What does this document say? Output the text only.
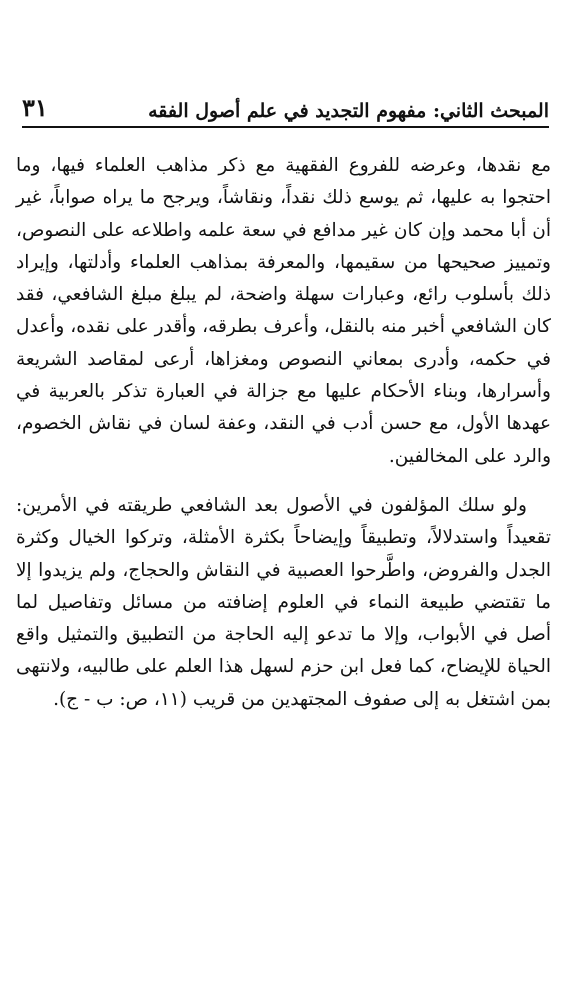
المبحث الثاني: مفهوم التجديد في علم أصول الفقه
٣١

مع نقدها، وعرضه للفروع الفقهية مع ذكر مذاهب العلماء فيها، وما احتجوا به عليها، ثم يوسع ذلك نقداً، ونقاشاً، ويرجح ما يراه صواباً، غير أن أبا محمد وإن كان غير مدافع في سعة علمه واطلاعه على النصوص، وتمييز صحيحها من سقيمها، والمعرفة بمذاهب العلماء وأدلتها، وإيراد ذلك بأسلوب رائع، وعبارات سهلة واضحة، لم يبلغ مبلغ الشافعي، فقد كان الشافعي أخبر منه بالنقل، وأعرف بطرقه، وأقدر على نقده، وأعدل في حكمه، وأدرى بمعاني النصوص ومغزاها، أرعى لمقاصد الشريعة وأسرارها، وبناء الأحكام عليها مع جزالة في العبارة تذكر بالعربية في عهدها الأول، مع حسن أدب في النقد، وعفة لسان في نقاش الخصوم، والرد على المخالفين.

ولو سلك المؤلفون في الأصول بعد الشافعي طريقته في الأمرين: تقعيداً واستدلالاً، وتطبيقاً وإيضاحاً بكثرة الأمثلة، وتركوا الخيال وكثرة الجدل والفروض، واطَّرحوا العصبية في النقاش والحجاج، ولم يزيدوا إلا ما تقتضي طبيعة النماء في العلوم إضافته من مسائل وتفاصيل لما أصل في الأبواب، وإلا ما تدعو إليه الحاجة من التطبيق والتمثيل واقع الحياة للإيضاح، كما فعل ابن حزم لسهل هذا العلم على طالبيه، ولانتهى بمن اشتغل به إلى صفوف المجتهدين من قريب (١١، ص: ب - ج).
